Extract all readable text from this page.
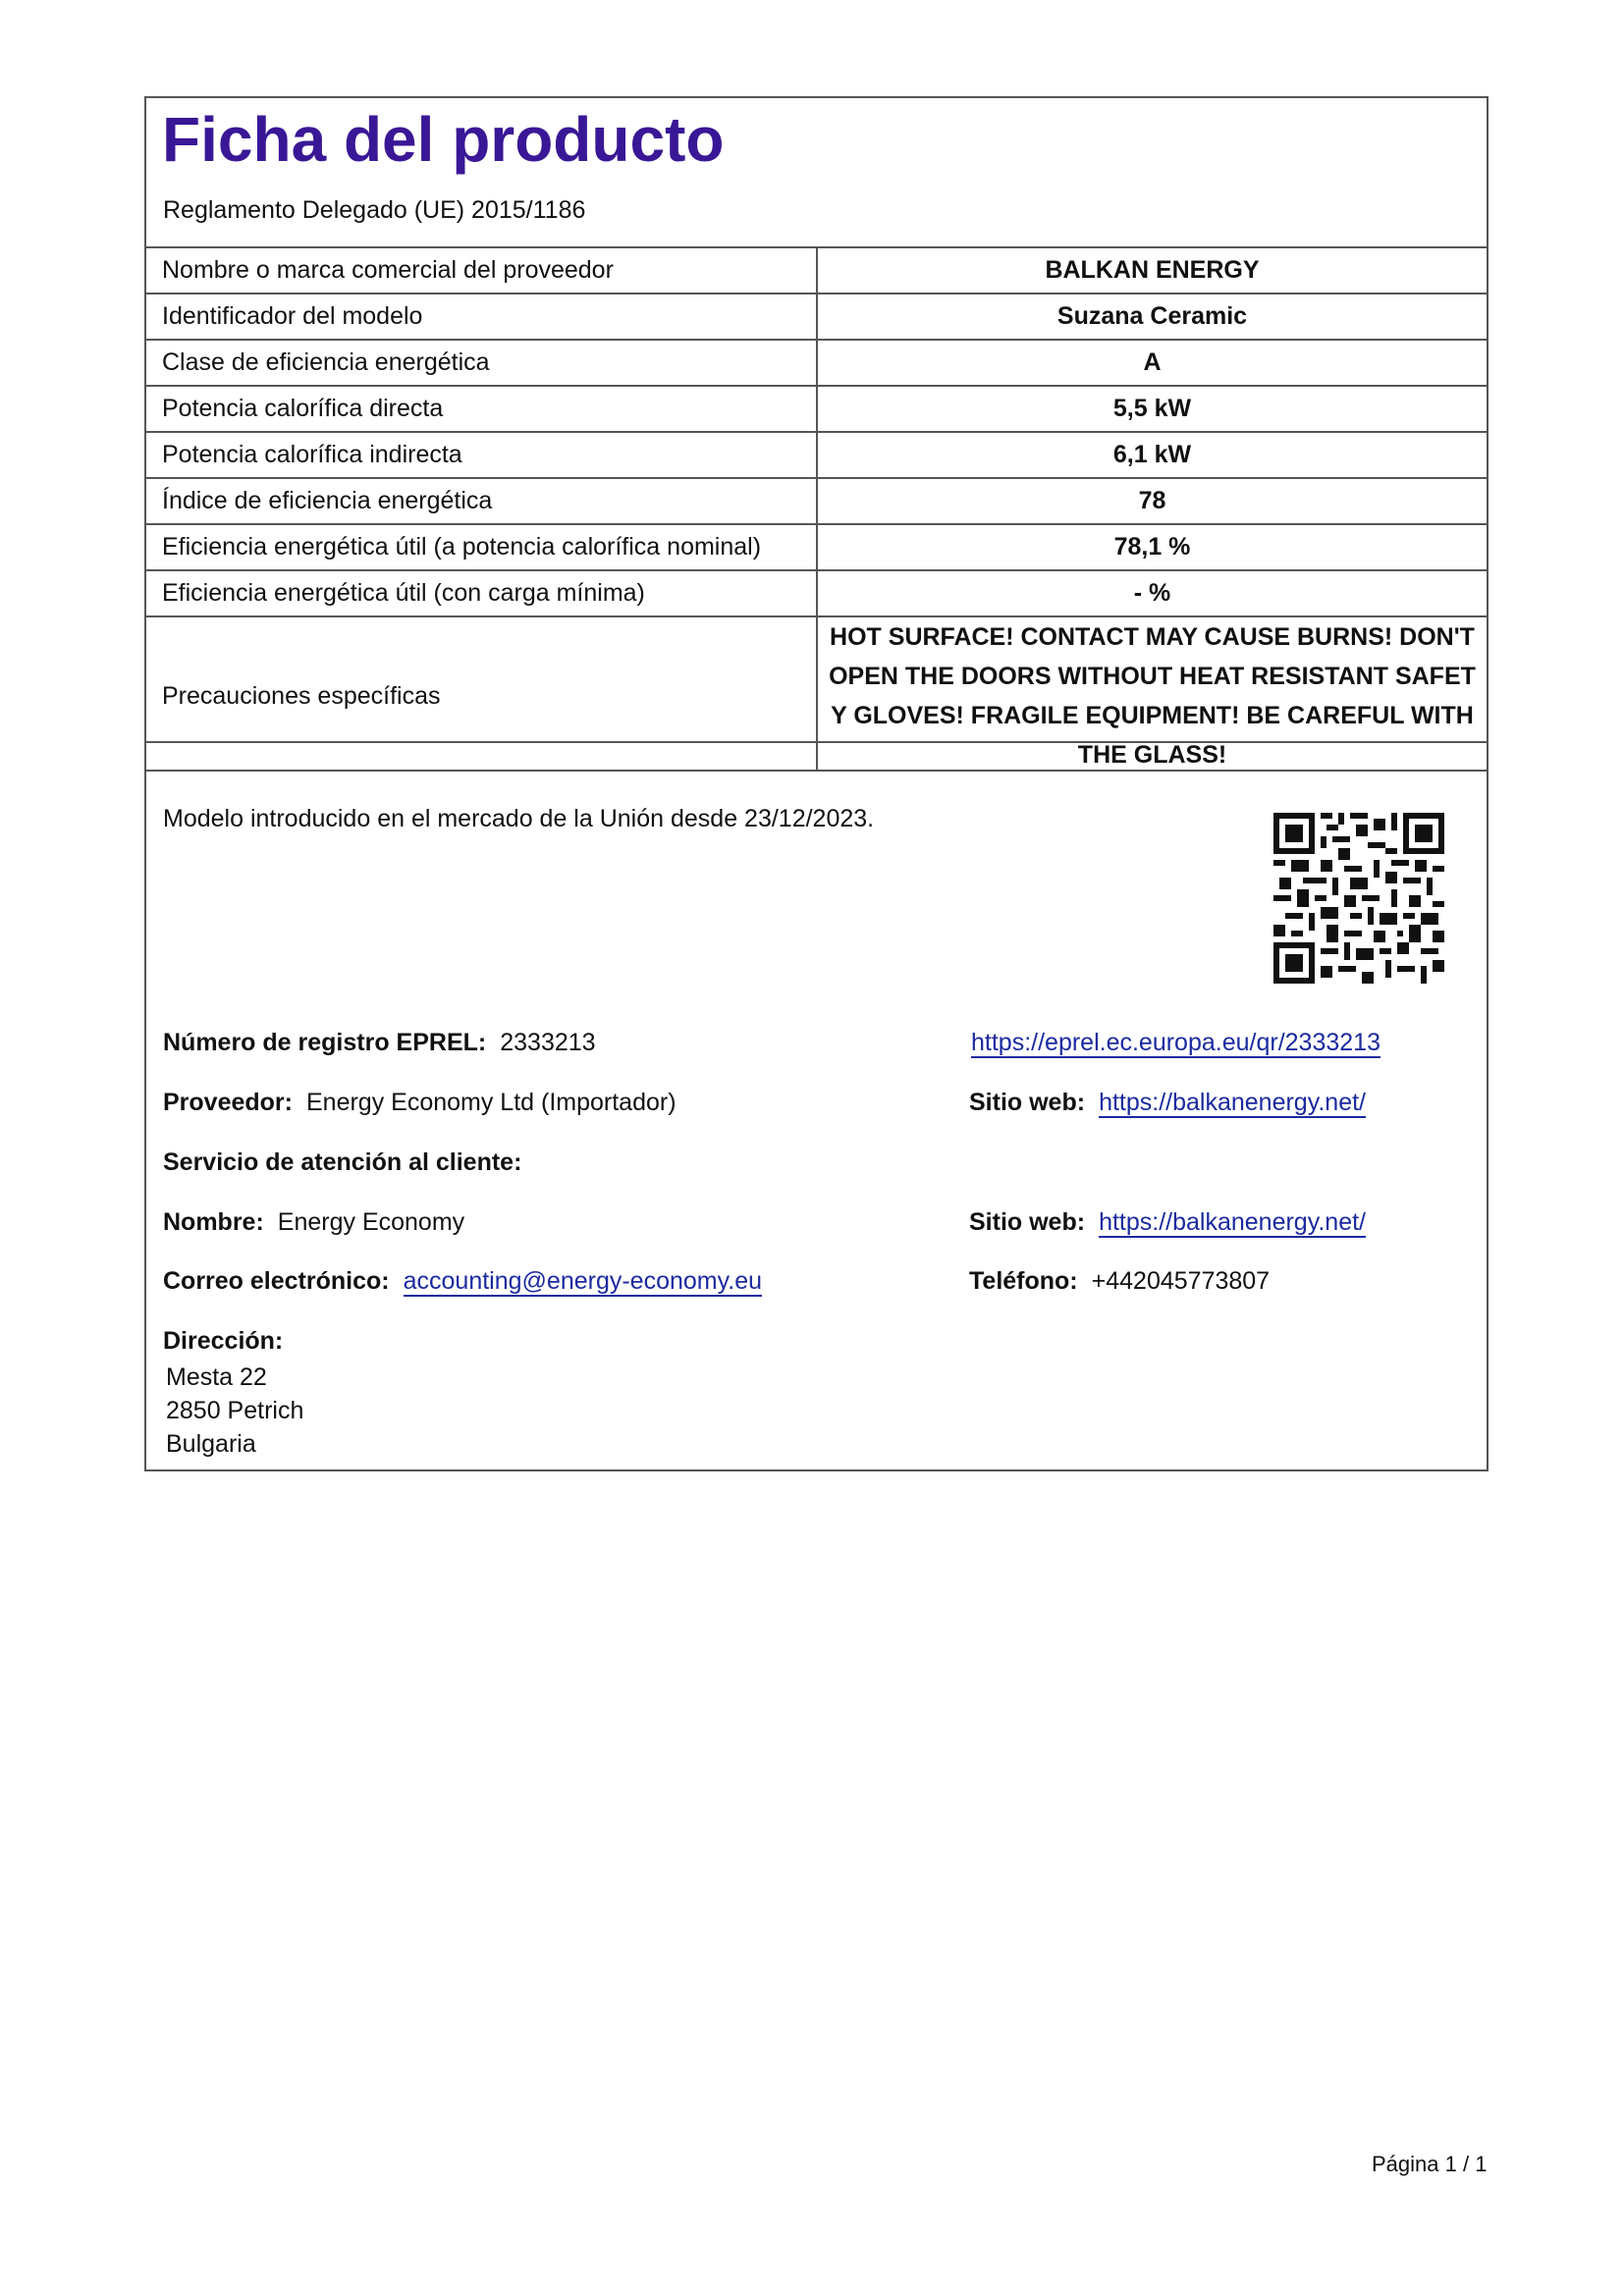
Ficha del producto
Reglamento Delegado (UE) 2015/1186
Nombre o marca comercial del proveedor	BALKAN ENERGY
Identificador del modelo	Suzana Ceramic
Clase de eficiencia energética	A
Potencia calorífica directa	5,5 kW
Potencia calorífica indirecta	6,1 kW
Índice de eficiencia energética	78
Eficiencia energética útil (a potencia calorífica nominal)	78,1 %
Eficiencia energética útil (con carga mínima)	- %
Precauciones específicas	HOT SURFACE! CONTACT MAY CAUSE BURNS! DON'T OPEN THE DOORS WITHOUT HEAT RESISTANT SAFETY GLOVES! FRAGILE EQUIPMENT! BE CAREFUL WITH THE GLASS!
Modelo introducido en el mercado de la Unión desde 23/12/2023.
Número de registro EPREL: 2333213	https://eprel.ec.europa.eu/qr/2333213
Proveedor: Energy Economy Ltd (Importador)	Sitio web: https://balkanenergy.net/
Servicio de atención al cliente:
Nombre: Energy Economy	Sitio web: https://balkanenergy.net/
Correo electrónico: accounting@energy-economy.eu	Teléfono: +442045773807
Dirección:
Mesta 22
2850 Petrich
Bulgaria
Página 1 / 1
